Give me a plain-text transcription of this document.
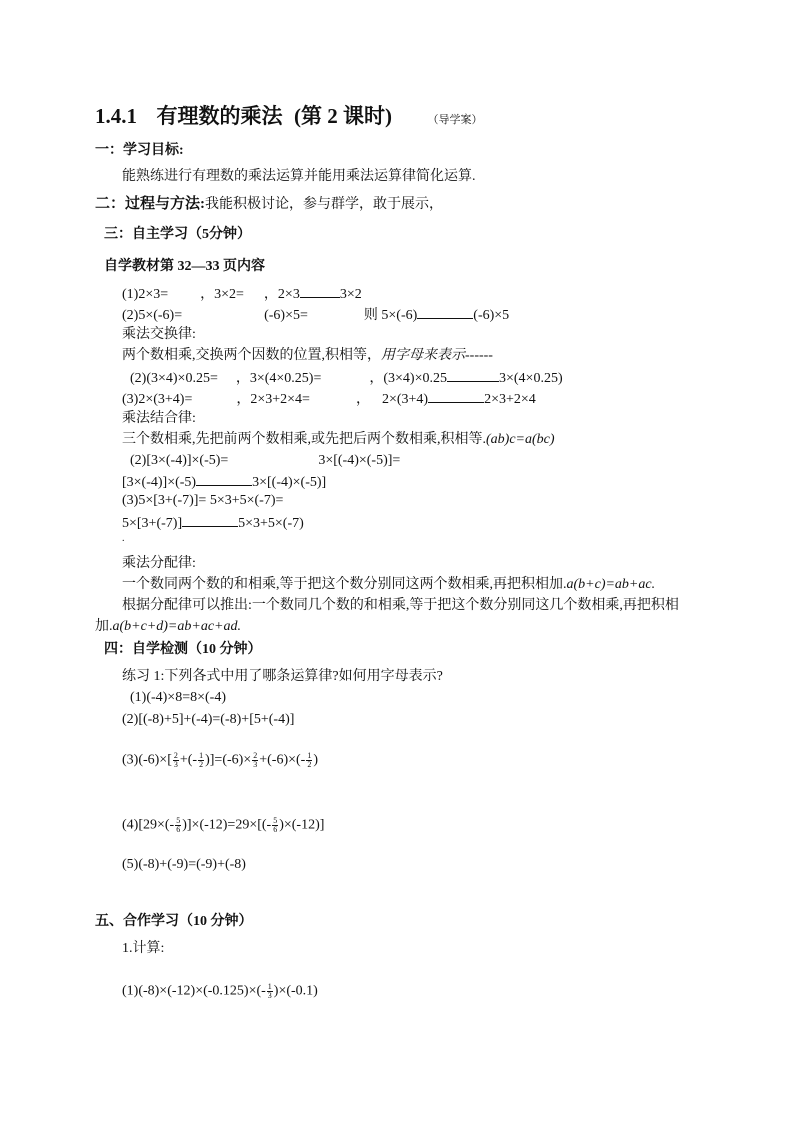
1.4.1 有理数的乘法 (第 2 课时)	（导学案）
一：学习目标:
能熟练进行有理数的乘法运算并能用乘法运算律简化运算.
二：过程与方法:我能积极讨论，参与群学，敢于展示，
三：自主学习（5分钟）
自学教材第 32—33 页内容
(1)2×3= ，3×2= ，2×3	3×2
(2)5×(-6)=	(-6)×5=	则 5×(-6)	(-6)×5
乘法交换律:
两个数相乘,交换两个因数的位置,积相等，用字母来表示------
(2)(3×4)×0.25= ，3×(4×0.25)=	，(3×4)×0.25	3×(4×0.25)
(3)2×(3+4)=	，2×3+2×4=	， 2×(3+4)	2×3+2×4
乘法结合律:
三个数相乘,先把前两个数相乘,或先把后两个数相乘,积相等.(ab)c=a(bc)
(2)[3×(-4)]×(-5)=	3×[(-4)×(-5)]=
[3×(-4)]×(-5)	3×[(-4)×(-5)]
(3)5×[3+(-7)]= 5×3+5×(-7)=
5×[3+(-7)]	5×3+5×(-7)
.
乘法分配律:
一个数同两个数的和相乘,等于把这个数分别同这两个数相乘,再把积相加.a(b+c)=ab+ac.
根据分配律可以推出:一个数同几个数的和相乘,等于把这个数分别同这几个数相乘,再把积相
加.a(b+c+d)=ab+ac+ad.
四：自学检测（10 分钟）
练习 1:下列各式中用了哪条运算律?如何用字母表示?
(1)(-4)×8=8×(-4)
(2)[(-8)+5]+(-4)=(-8)+[5+(-4)]
$(3)(-6)\times[ \frac{2}{3}$ +(- $\frac{1}{2} )]=(-6)\times \frac{2}{3} +(-6)\times(- \frac{1}{2}$ )
$(4)[29\times(- \frac{5}{6} )]\times(-12)=29\times[(- \frac{5}{6} )\times(-12)]$
(5)(-8)+(-9)=(-9)+(-8)
五、合作学习（10 分钟）
1.计算:
$(1)(-8)\times(-12)\times(-0.125)\times(- \frac{1}{3} )\times(-0.1)$
